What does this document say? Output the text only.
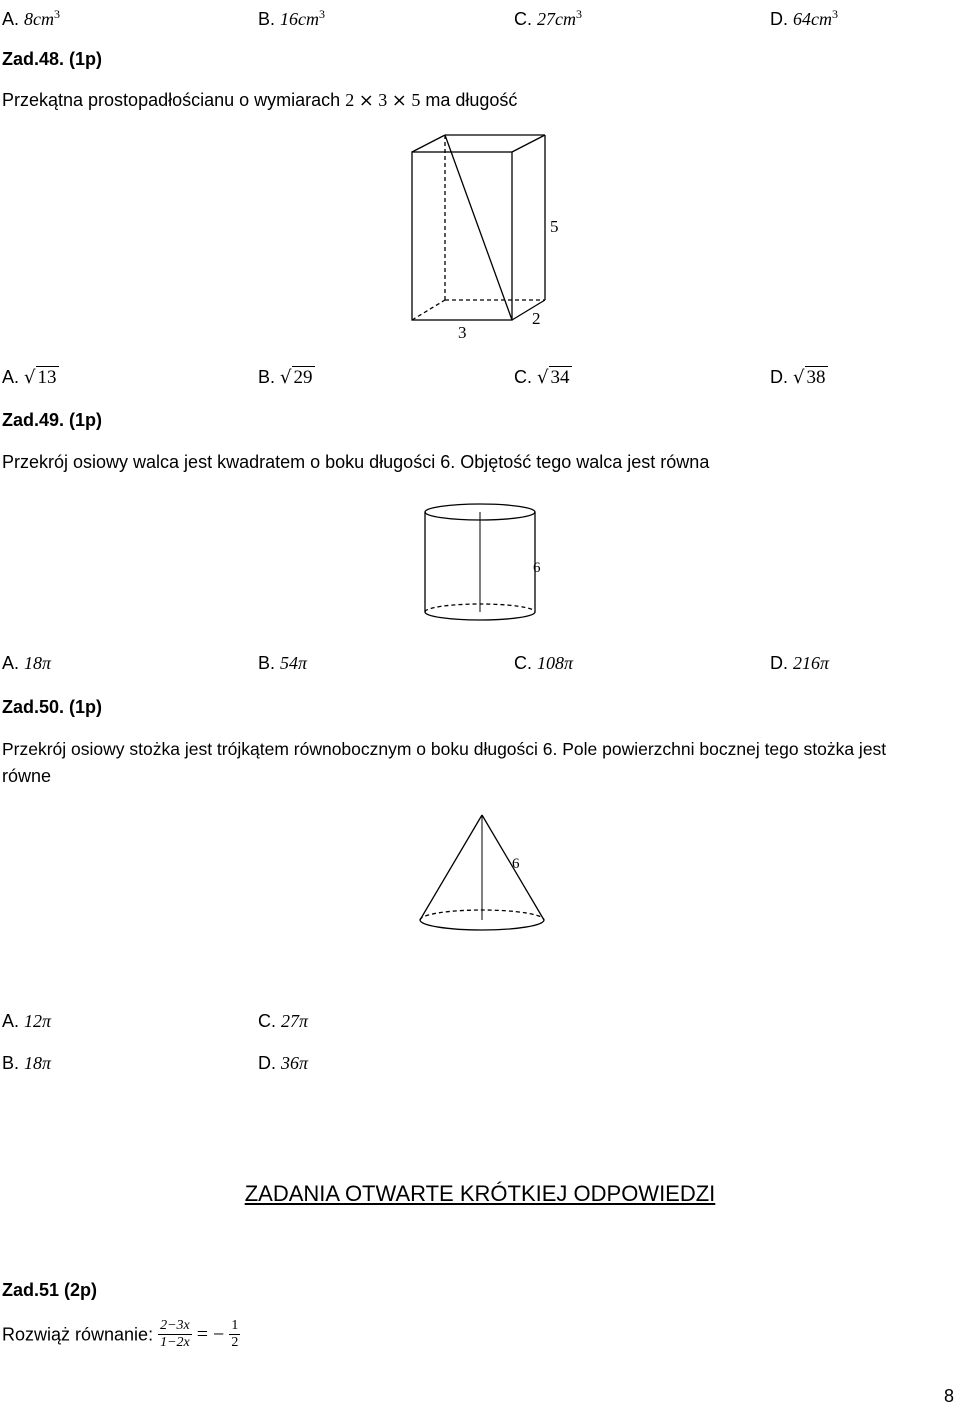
A. $8cm^3$	B. $16cm^3$	C. $27cm^3$	D. $64cm^3$
Zad.48. (1p)
Przekątna prostopadłościanu o wymiarach 2 ⨯ 3 ⨯ 5 ma długość
5
3
2
A. √ 13	B. √ 29	C. √ 34	D. √ 38
Zad.49. (1p)
Przekrój osiowy walca jest kwadratem o boku długości 6. Objętość tego walca jest równa
6
A. 18π	B. 54π	C. 108π	D. 216π
Zad.50. (1p)
Przekrój osiowy stożka jest trójkątem równobocznym o boku długości 6. Pole powierzchni bocznej tego stożka jest
równe
6
A. 12π	C. 27π
B. 18π	D. 36π
ZADANIA OTWARTE KRÓTKIEJ ODPOWIEDZI
Zad.51 (2p)
Rozwiąż równanie: $\frac{2-3x}{1-2x}$ = − $\frac{1}{2}$
8
